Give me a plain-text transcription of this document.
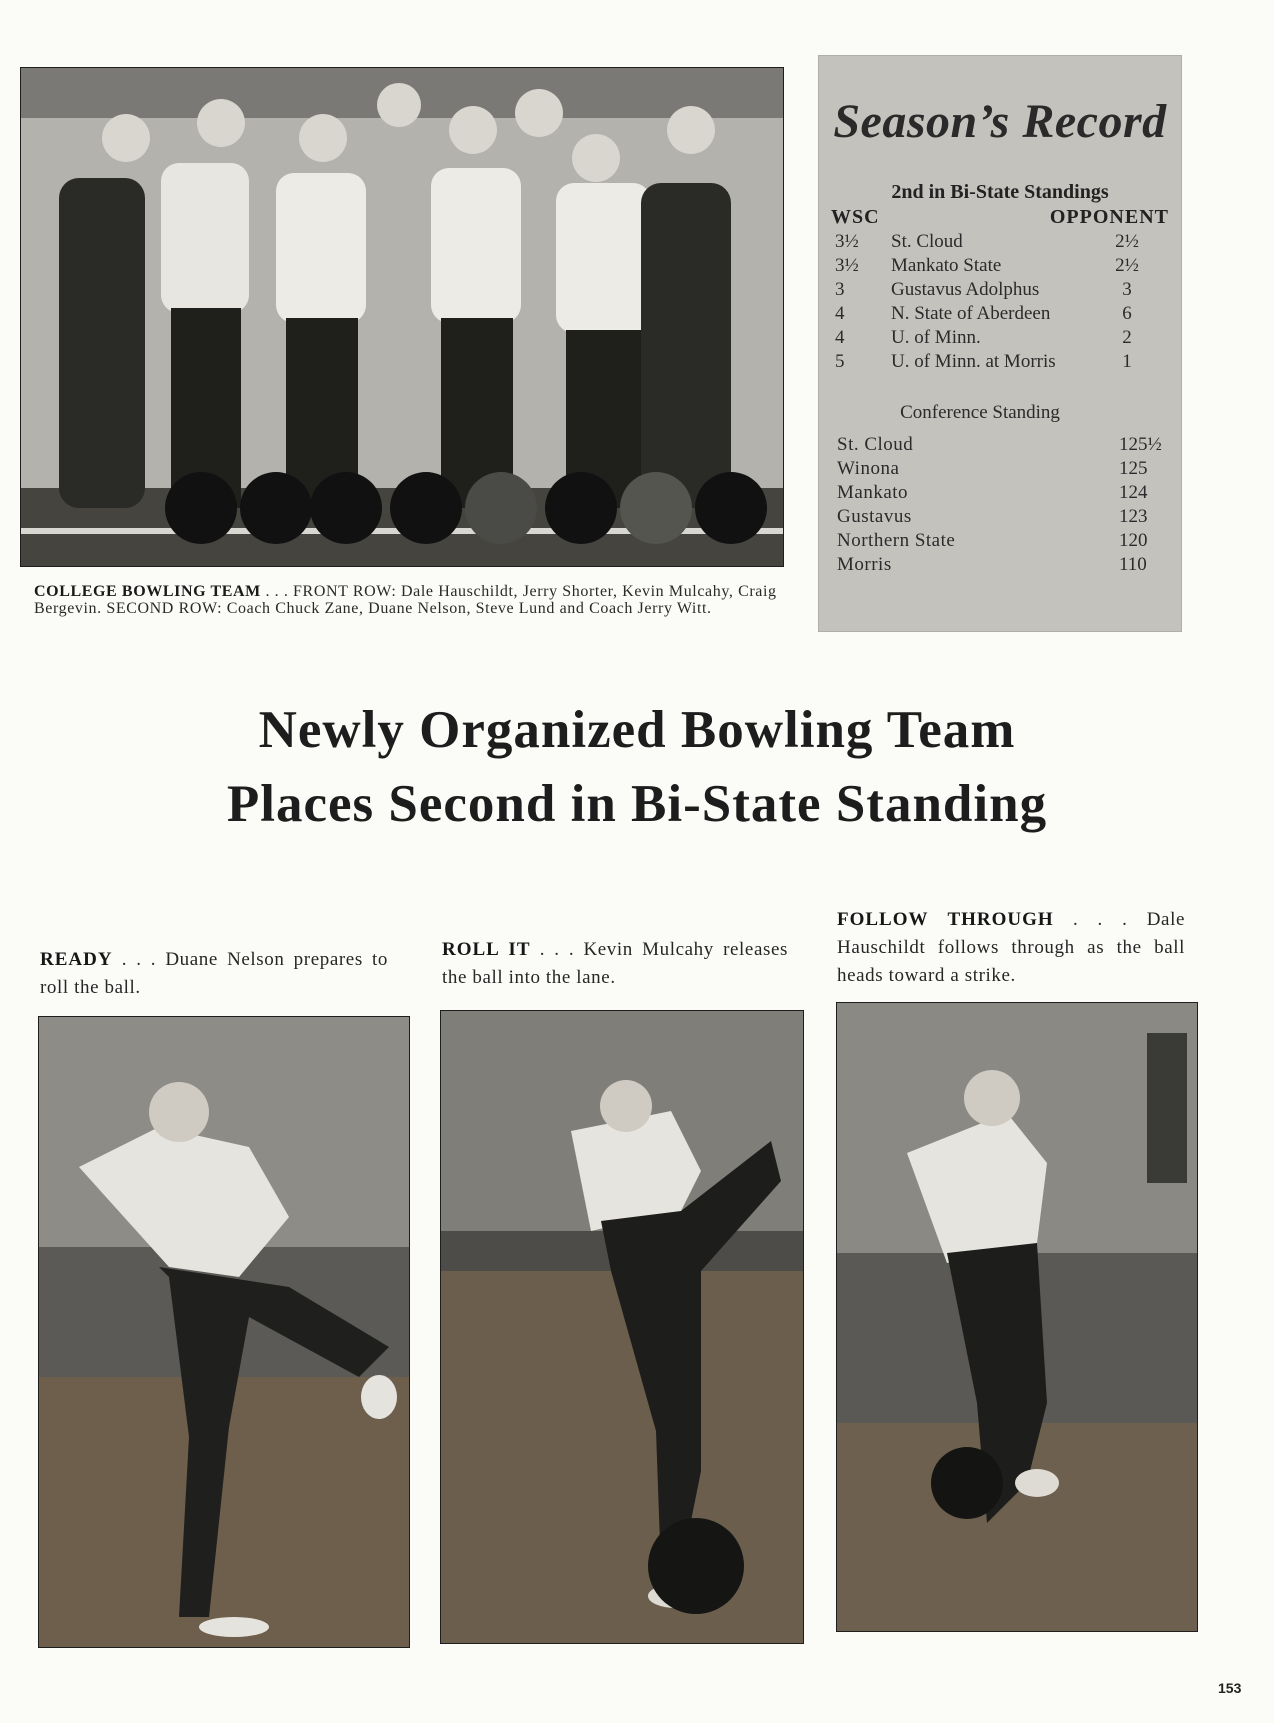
Season’s Record
2nd in Bi-State Standings
WSC	OPPONENT
3½ St. Cloud	2½
3½ Mankato State	2½
3 Gustavus Adolphus	3
4 N. State of Aberdeen	6
4 U. of Minn.	2
5 U. of Minn. at Morris	1
Conference Standing
St. Cloud	125½
Winona	125
Mankato	124
Gustavus	123
Northern State	120
Morris	110
COLLEGE BOWLING TEAM . . . FRONT ROW: Dale Hauschildt, Jerry Shorter, Kevin Mulcahy, Craig Bergevin. SECOND ROW: Coach Chuck Zane, Duane Nelson, Steve Lund and Coach Jerry Witt.
Newly Organized Bowling Team
Places Second in Bi-State Standing
READY . . . Duane Nelson prepares to roll the ball.
ROLL IT . . . Kevin Mulcahy releases the ball into the lane.
FOLLOW THROUGH . . . Dale Hauschildt follows through as the ball heads toward a strike.
153
